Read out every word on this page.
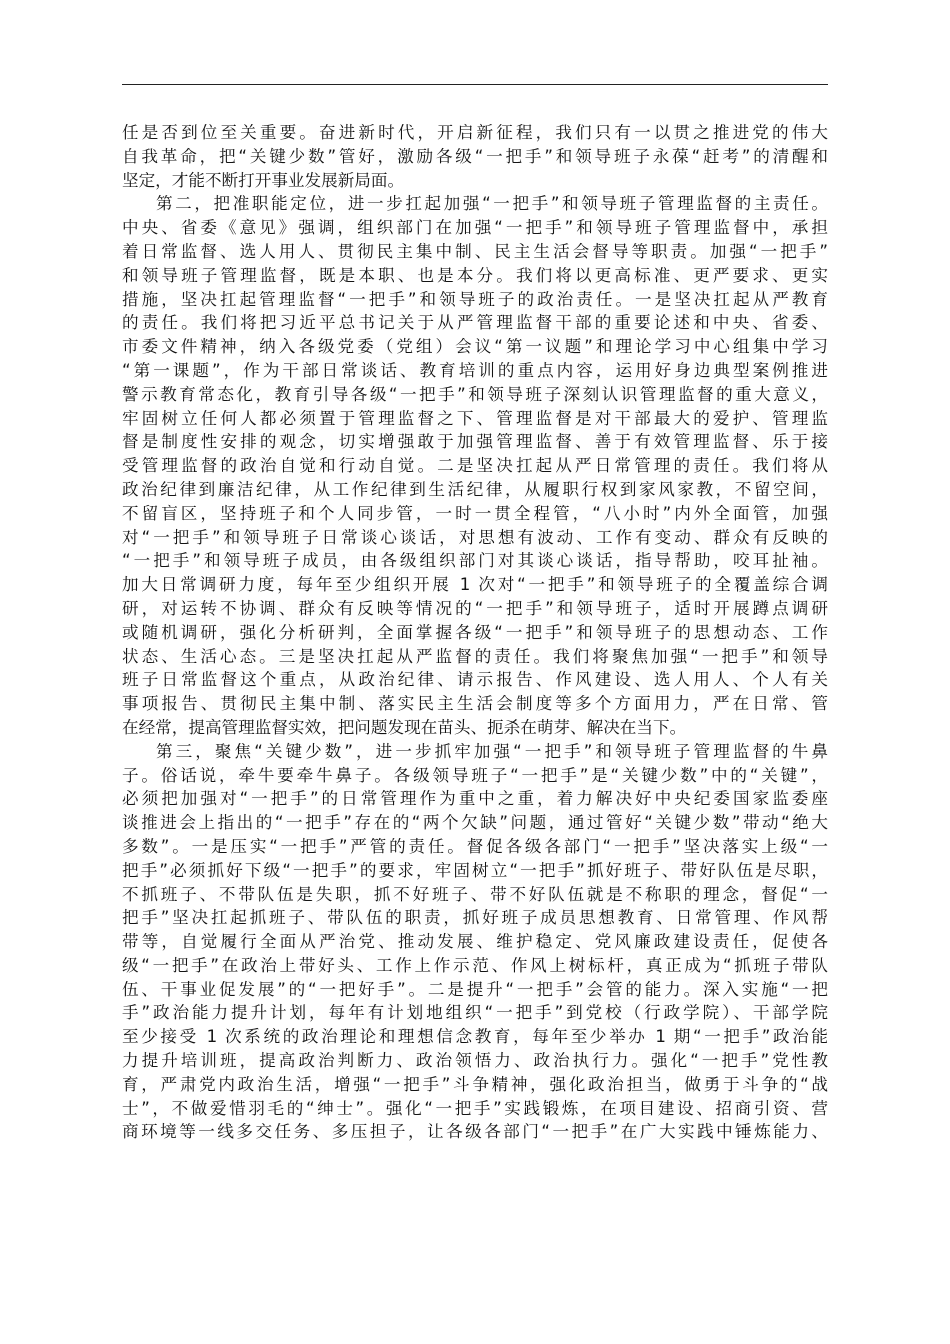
任是否到位至关重要。奋进新时代，开启新征程，我们只有一以贯之推进党的伟大
自我革命，把“关键少数”管好，激励各级“一把手”和领导班子永葆“赶考”的清醒和
坚定，才能不断打开事业发展新局面。
第二，把准职能定位，进一步扛起加强“一把手”和领导班子管理监督的主责任。
中央、省委《意见》强调，组织部门在加强“一把手”和领导班子管理监督中，承担
着日常监督、选人用人、贯彻民主集中制、民主生活会督导等职责。加强“一把手”
和领导班子管理监督，既是本职、也是本分。我们将以更高标准、更严要求、更实
措施，坚决扛起管理监督“一把手”和领导班子的政治责任。一是坚决扛起从严教育
的责任。我们将把习近平总书记关于从严管理监督干部的重要论述和中央、省委、
市委文件精神，纳入各级党委（党组）会议“第一议题”和理论学习中心组集中学习
“第一课题”，作为干部日常谈话、教育培训的重点内容，运用好身边典型案例推进
警示教育常态化，教育引导各级“一把手”和领导班子深刻认识管理监督的重大意义，
牢固树立任何人都必须置于管理监督之下、管理监督是对干部最大的爱护、管理监
督是制度性安排的观念，切实增强敢于加强管理监督、善于有效管理监督、乐于接
受管理监督的政治自觉和行动自觉。二是坚决扛起从严日常管理的责任。我们将从
政治纪律到廉洁纪律，从工作纪律到生活纪律，从履职行权到家风家教，不留空间，
不留盲区，坚持班子和个人同步管，一时一贯全程管，“八小时”内外全面管，加强
对“一把手”和领导班子日常谈心谈话，对思想有波动、工作有变动、群众有反映的
“一把手”和领导班子成员，由各级组织部门对其谈心谈话，指导帮助，咬耳扯袖。
加大日常调研力度，每年至少组织开展 1 次对“一把手”和领导班子的全覆盖综合调
研，对运转不协调、群众有反映等情况的“一把手”和领导班子，适时开展蹲点调研
或随机调研，强化分析研判，全面掌握各级“一把手”和领导班子的思想动态、工作
状态、生活心态。三是坚决扛起从严监督的责任。我们将聚焦加强“一把手”和领导
班子日常监督这个重点，从政治纪律、请示报告、作风建设、选人用人、个人有关
事项报告、贯彻民主集中制、落实民主生活会制度等多个方面用力，严在日常、管
在经常，提高管理监督实效，把问题发现在苗头、扼杀在萌芽、解决在当下。
第三，聚焦“关键少数”，进一步抓牢加强“一把手”和领导班子管理监督的牛鼻
子。俗话说，牵牛要牵牛鼻子。各级领导班子“一把手”是“关键少数”中的“关键”，
必须把加强对“一把手”的日常管理作为重中之重，着力解决好中央纪委国家监委座
谈推进会上指出的“一把手”存在的“两个欠缺”问题，通过管好“关键少数”带动“绝大
多数”。一是压实“一把手”严管的责任。督促各级各部门“一把手”坚决落实上级“一
把手”必须抓好下级“一把手”的要求，牢固树立“一把手”抓好班子、带好队伍是尽职，
不抓班子、不带队伍是失职，抓不好班子、带不好队伍就是不称职的理念，督促“一
把手”坚决扛起抓班子、带队伍的职责，抓好班子成员思想教育、日常管理、作风帮
带等，自觉履行全面从严治党、推动发展、维护稳定、党风廉政建设责任，促使各
级“一把手”在政治上带好头、工作上作示范、作风上树标杆，真正成为“抓班子带队
伍、干事业促发展”的“一把好手”。二是提升“一把手”会管的能力。深入实施“一把
手”政治能力提升计划，每年有计划地组织“一把手”到党校（行政学院）、干部学院
至少接受 1 次系统的政治理论和理想信念教育，每年至少举办 1 期“一把手”政治能
力提升培训班，提高政治判断力、政治领悟力、政治执行力。强化“一把手”党性教
育，严肃党内政治生活，增强“一把手”斗争精神，强化政治担当，做勇于斗争的“战
士”，不做爱惜羽毛的“绅士”。强化“一把手”实践锻炼，在项目建设、招商引资、营
商环境等一线多交任务、多压担子，让各级各部门“一把手”在广大实践中锤炼能力、
